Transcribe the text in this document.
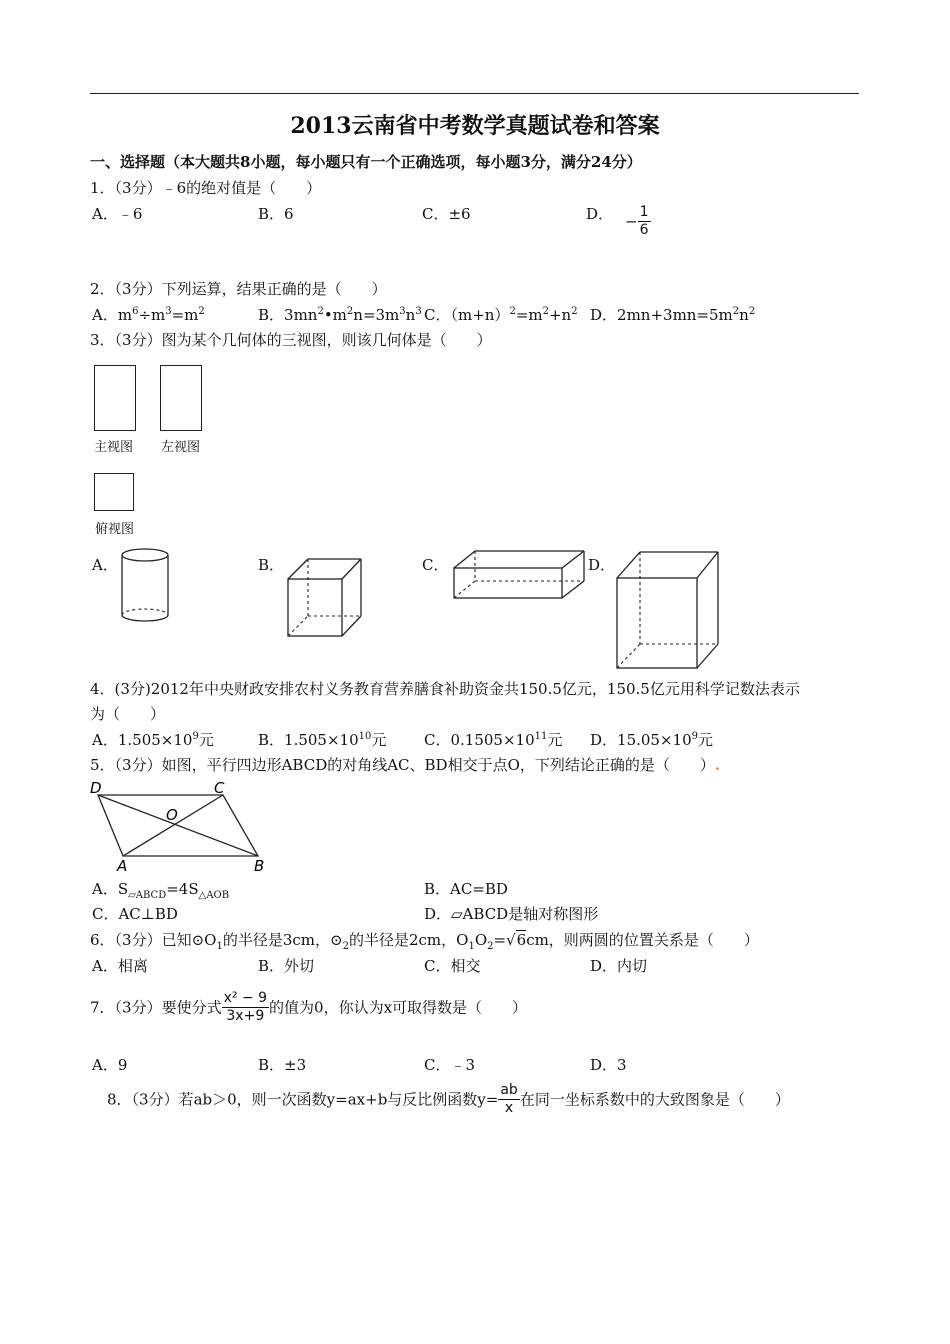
2013云南省中考数学真题试卷和答案
一、选择题（本大题共8小题，每小题只有一个正确选项，每小题3分，满分24分）
1．（3分）﹣6的绝对值是（　　）
A．﹣6	B．6	C．±6	D． − $\frac{1}{6}$
2．（3分）下列运算，结果正确的是（　　）
A．$m^6\div m^3=m^2$	B．$3mn^2•m^2n=3m^3n^3$ C．$(m+n)^2=m^2+n^2$ D．$2mn+3mn=5m^2n^2$
3．（3分）图为某个几何体的三视图，则该几何体是（　　）
主视图 左视图
俯视图
A．	B．	C．	D．
4．(3分)2012年中央财政安排农村义务教育营养膳食补助资金共150.5亿元，150.5亿元用科学记数法表示
为（　　）
A．$1.505\times 10^9$元	B．$1.505\times 10^{10}$元	C．$0.1505\times 10^{11}$元 D．$15.05\times 10^9$元
5．（3分）如图，平行四边形ABCD的对角线AC、BD相交于点O，下列结论正确的是（　　）.
D	C
O
A	B
A．$S_{▱ABCD}=4S_{\triangle AOB}$	B．AC=BD
C．AC⊥BD	D．▱ABCD是轴对称图形
6．（3分）已知$⊙O_1$的半径是3cm，$⊙_2$的半径是2cm，$O_1O_2=√6cm$，则两圆的位置关系是（　　）
A．相离	B．外切	C．相交	D．内切
7．（3分）要使分式 $\frac{\text{x² − 9}}{3x+9}$ 的值为0，你认为x可取得数是（　　）
A．9	B．±3	C．﹣3	D．3
8．（3分）若ab＞0，则一次函数y=ax+b与反比例函数$y= \frac{ab}{x}$ 在同一坐标系数中的大致图象是（　　）
